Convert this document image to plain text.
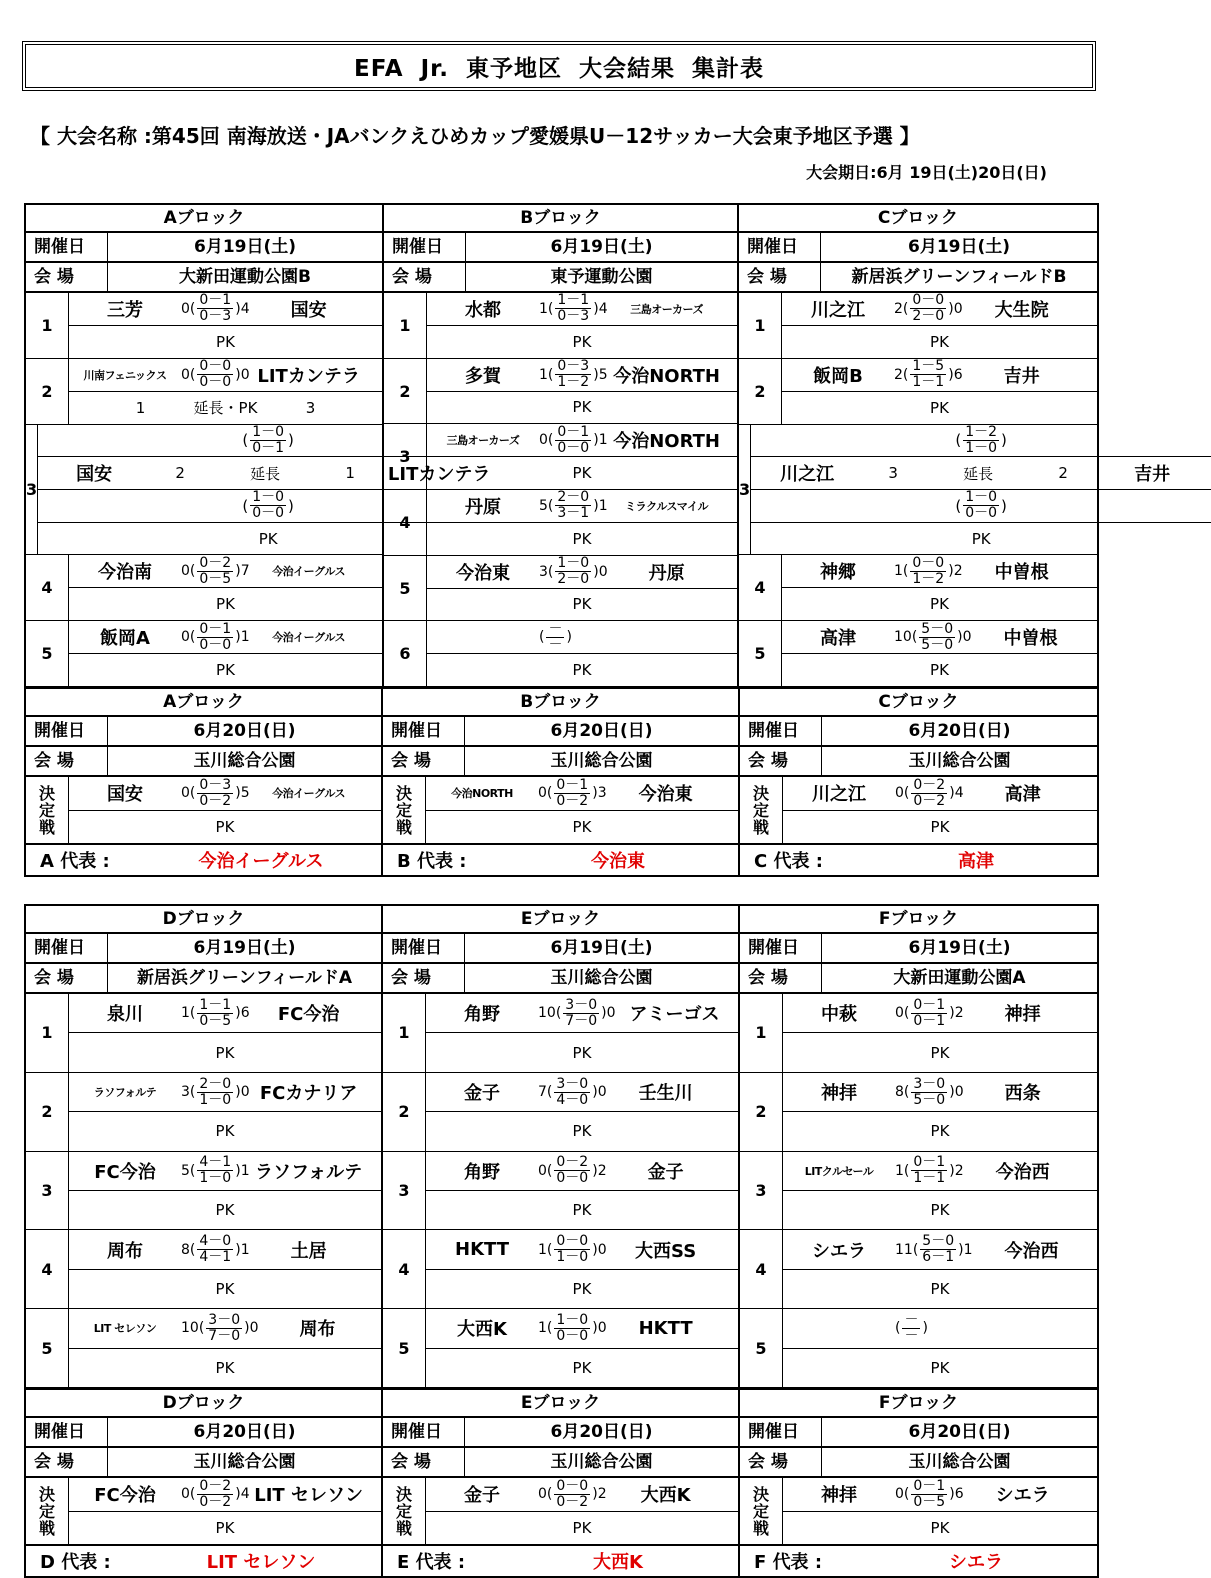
EFA Jr. 東予地区 大会結果 集計表
【 大会名称 :第45回 南海放送・JAバンクえひめカップ愛媛県U－12サッカー大会東予地区予選 】
大会期日:6月 19日(土)20日(日)
Aブロック
開催日	6月19日(土)
会 場	大新田運動公園B
1
三芳	0 ( $\frac{0-1}{0-3}$ ) 4	国安
PK
2
川南フェニックス	0 ( $\frac{0-0}{0-0}$ ) 0 LITカンテラ
1	延長・PK	3
3
( $\frac{1-0}{0-1}$ )
国安	2	延長	1	LITカンテラ
( $\frac{1-0}{0-0}$ )
PK
4
今治南	0 ( $\frac{0-2}{0-5}$ ) 7	今治イーグルス
PK
5
飯岡A	0 ( $\frac{0-1}{0-0}$ ) 1	今治イーグルス
PK
Bブロック
開催日	6月19日(土)
会 場	東予運動公園
1
水都	1 ( $\frac{1-1}{0-3}$ ) 4	三島オーカーズ
PK
2
多賀	1 ( $\frac{0-3}{1-2}$ ) 5 今治NORTH
PK
3
三島オーカーズ	0 ( $\frac{0-1}{0-0}$ ) 1 今治NORTH
PK
4
丹原	5 ( $\frac{2-0}{3-1}$ ) 1	ミラクルスマイル
PK
5
今治東	3 ( $\frac{1-0}{2-0}$ ) 0	丹原
PK
6
( $\frac{-}{-}$ )
PK
Cブロック
開催日	6月19日(土)
会 場	新居浜グリーンフィールドB
1
川之江	2 ( $\frac{0-0}{2-0}$ ) 0	大生院
PK
2
飯岡B	2 ( $\frac{1-5}{1-1}$ ) 6	吉井
PK
3
( $\frac{1-2}{1-0}$ )
川之江	3	延長	2	吉井
( $\frac{1-0}{0-0}$ )
PK
4
神郷	1 ( $\frac{0-0}{1-2}$ ) 2	中曽根
PK
5
高津	10 ( $\frac{5-0}{5-0}$ ) 0	中曽根
PK
Aブロック
開催日	6月20日(日)
会 場	玉川総合公園
決
定
戦
国安	0 ( $\frac{0-3}{0-2}$ ) 5	今治イーグルス
PK
A 代表 :	今治イーグルス
Bブロック
開催日	6月20日(日)
会 場	玉川総合公園
決
定
戦
今治NORTH	0 ( $\frac{0-1}{0-2}$ ) 3	今治東
PK
B 代表 :	今治東
Cブロック
開催日	6月20日(日)
会 場	玉川総合公園
決
定
戦
川之江	0 ( $\frac{0-2}{0-2}$ ) 4	高津
PK
C 代表 :	高津
Dブロック
開催日	6月19日(土)
会 場	新居浜グリーンフィールドA
1
泉川	1 ( $\frac{1-1}{0-5}$ ) 6	FC今治
PK
2
ラソフォルテ	3 ( $\frac{2-0}{1-0}$ ) 0 FCカナリア
PK
3
FC今治	5 ( $\frac{4-1}{1-0}$ ) 1 ラソフォルテ
PK
4
周布	8 ( $\frac{4-0}{4-1}$ ) 1	土居
PK
5
LIT セレソン	10 ( $\frac{3-0}{7-0}$ ) 0	周布
PK
Eブロック
開催日	6月19日(土)
会 場	玉川総合公園
1
角野	10 ( $\frac{3-0}{7-0}$ ) 0 アミーゴス
PK
2
金子	7 ( $\frac{3-0}{4-0}$ ) 0	壬生川
PK
3
角野	0 ( $\frac{0-2}{0-0}$ ) 2	金子
PK
4
HKTT	1 ( $\frac{0-0}{1-0}$ ) 0	大西SS
PK
5
大西K	1 ( $\frac{1-0}{0-0}$ ) 0	HKTT
PK
Fブロック
開催日	6月19日(土)
会 場	大新田運動公園A
1
中萩	0 ( $\frac{0-1}{0-1}$ ) 2	神拝
PK
2
神拝	8 ( $\frac{3-0}{5-0}$ ) 0	西条
PK
3
LITクルセール	1 ( $\frac{0-1}{1-1}$ ) 2	今治西
PK
4
シエラ	11 ( $\frac{5-0}{6-1}$ ) 1	今治西
PK
5
( $\frac{-}{-}$ )
PK
Dブロック
開催日	6月20日(日)
会 場	玉川総合公園
決
定
戦
FC今治	0 ( $\frac{0-2}{0-2}$ ) 4 LIT セレソン
PK
D 代表 :	LIT セレソン
Eブロック
開催日	6月20日(日)
会 場	玉川総合公園
決
定
戦
金子	0 ( $\frac{0-0}{0-2}$ ) 2	大西K
PK
E 代表 :	大西K
Fブロック
開催日	6月20日(日)
会 場	玉川総合公園
決
定
戦
神拝	0 ( $\frac{0-1}{0-5}$ ) 6	シエラ
PK
F 代表 :	シエラ
